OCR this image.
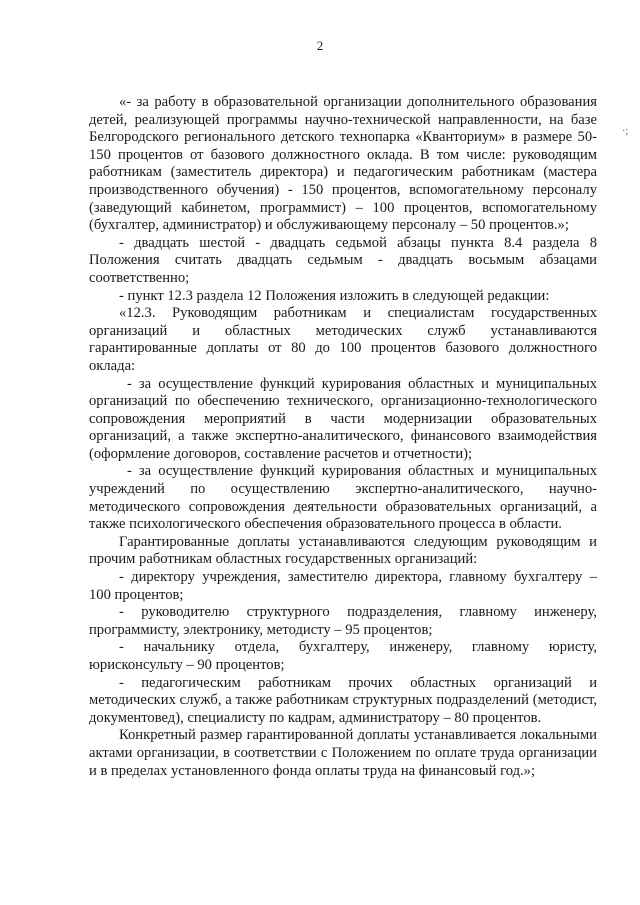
2
·;

«- за работу в образовательной организации дополнительного образования детей, реализующей программы научно-технической направленности, на базе Белгородского регионального детского технопарка «Кванториум» в размере 50-150 процентов от базового должностного оклада. В том числе: руководящим работникам (заместитель директора) и педагогическим работникам (мастера производственного обучения) - 150 процентов, вспомогательному персоналу (заведующий кабинетом, программист) – 100 процентов, вспомогательному (бухгалтер, администратор) и обслуживающему персоналу – 50 процентов.»;

- двадцать шестой - двадцать седьмой абзацы пункта 8.4 раздела 8 Положения считать двадцать седьмым - двадцать восьмым абзацами соответственно;

- пункт 12.3 раздела 12 Положения изложить в следующей редакции:

«12.3. Руководящим работникам и специалистам государственных организаций и областных методических служб устанавливаются гарантированные доплаты от 80 до 100 процентов базового должностного оклада:

- за осуществление функций курирования областных и муниципальных организаций по обеспечению технического, организационно-технологического сопровождения мероприятий в части модернизации образовательных организаций, а также экспертно-аналитического, финансового взаимодействия (оформление договоров, составление расчетов и отчетности);

- за осуществление функций курирования областных и муниципальных учреждений по осуществлению экспертно-аналитического, научно-методического сопровождения деятельности образовательных организаций, а также психологического обеспечения образовательного процесса в области.

Гарантированные доплаты устанавливаются следующим руководящим и прочим работникам областных государственных организаций:

- директору учреждения, заместителю директора, главному бухгалтеру – 100 процентов;

- руководителю структурного подразделения, главному инженеру, программисту, электронику, методисту – 95 процентов;

- начальнику отдела, бухгалтеру, инженеру, главному юристу, юрисконсульту – 90 процентов;

- педагогическим работникам прочих областных организаций и методических служб, а также работникам структурных подразделений (методист, документовед), специалисту по кадрам, администратору – 80 процентов.

Конкретный размер гарантированной доплаты устанавливается локальными актами организации, в соответствии с Положением по оплате труда организации и в пределах установленного фонда оплаты труда на финансовый год.»;
